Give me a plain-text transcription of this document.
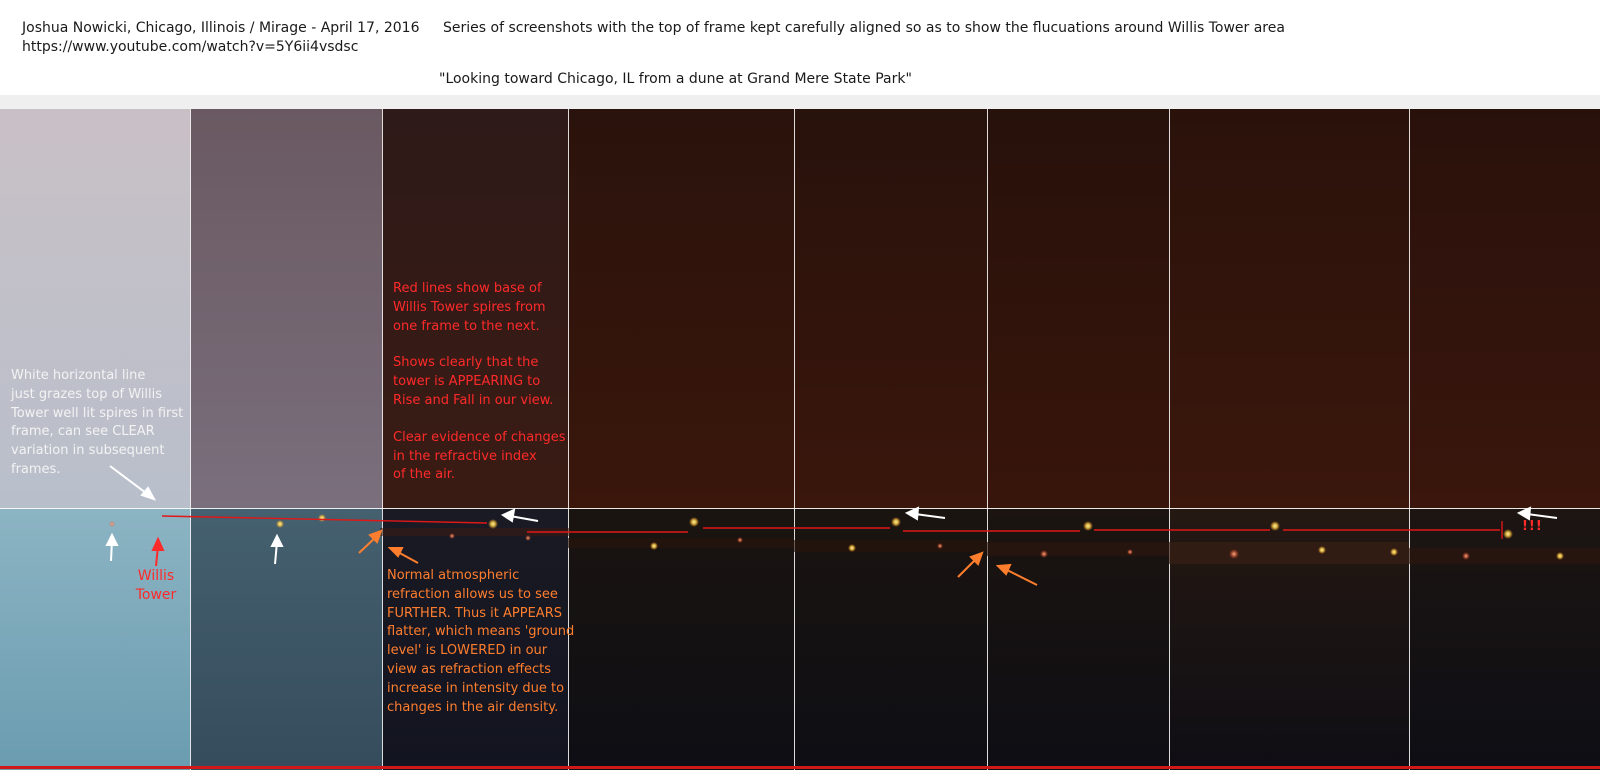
Joshua Nowicki, Chicago, Illinois / Mirage - April 17, 2016
https://www.youtube.com/watch?v=5Y6ii4vsdsc
Series of screenshots with the top of frame kept carefully aligned so as to show the flucuations around Willis Tower area
"Looking toward Chicago, IL from a dune at Grand Mere State Park"
White horizontal line
just grazes top of Willis
Tower well lit spires in first
frame, can see CLEAR
variation in subsequent
frames.
Willis
Tower
Red lines show base of
Willis Tower spires from
one frame to the next.
Shows clearly that the
tower is APPEARING to
Rise and Fall in our view.
Clear evidence of changes
in the refractive index
of the air.
Normal atmospheric
refraction allows us to see
FURTHER. Thus it APPEARS
flatter, which means 'ground
level' is LOWERED in our
view as refraction effects
increase in intensity due to
changes in the air density.
!!!
